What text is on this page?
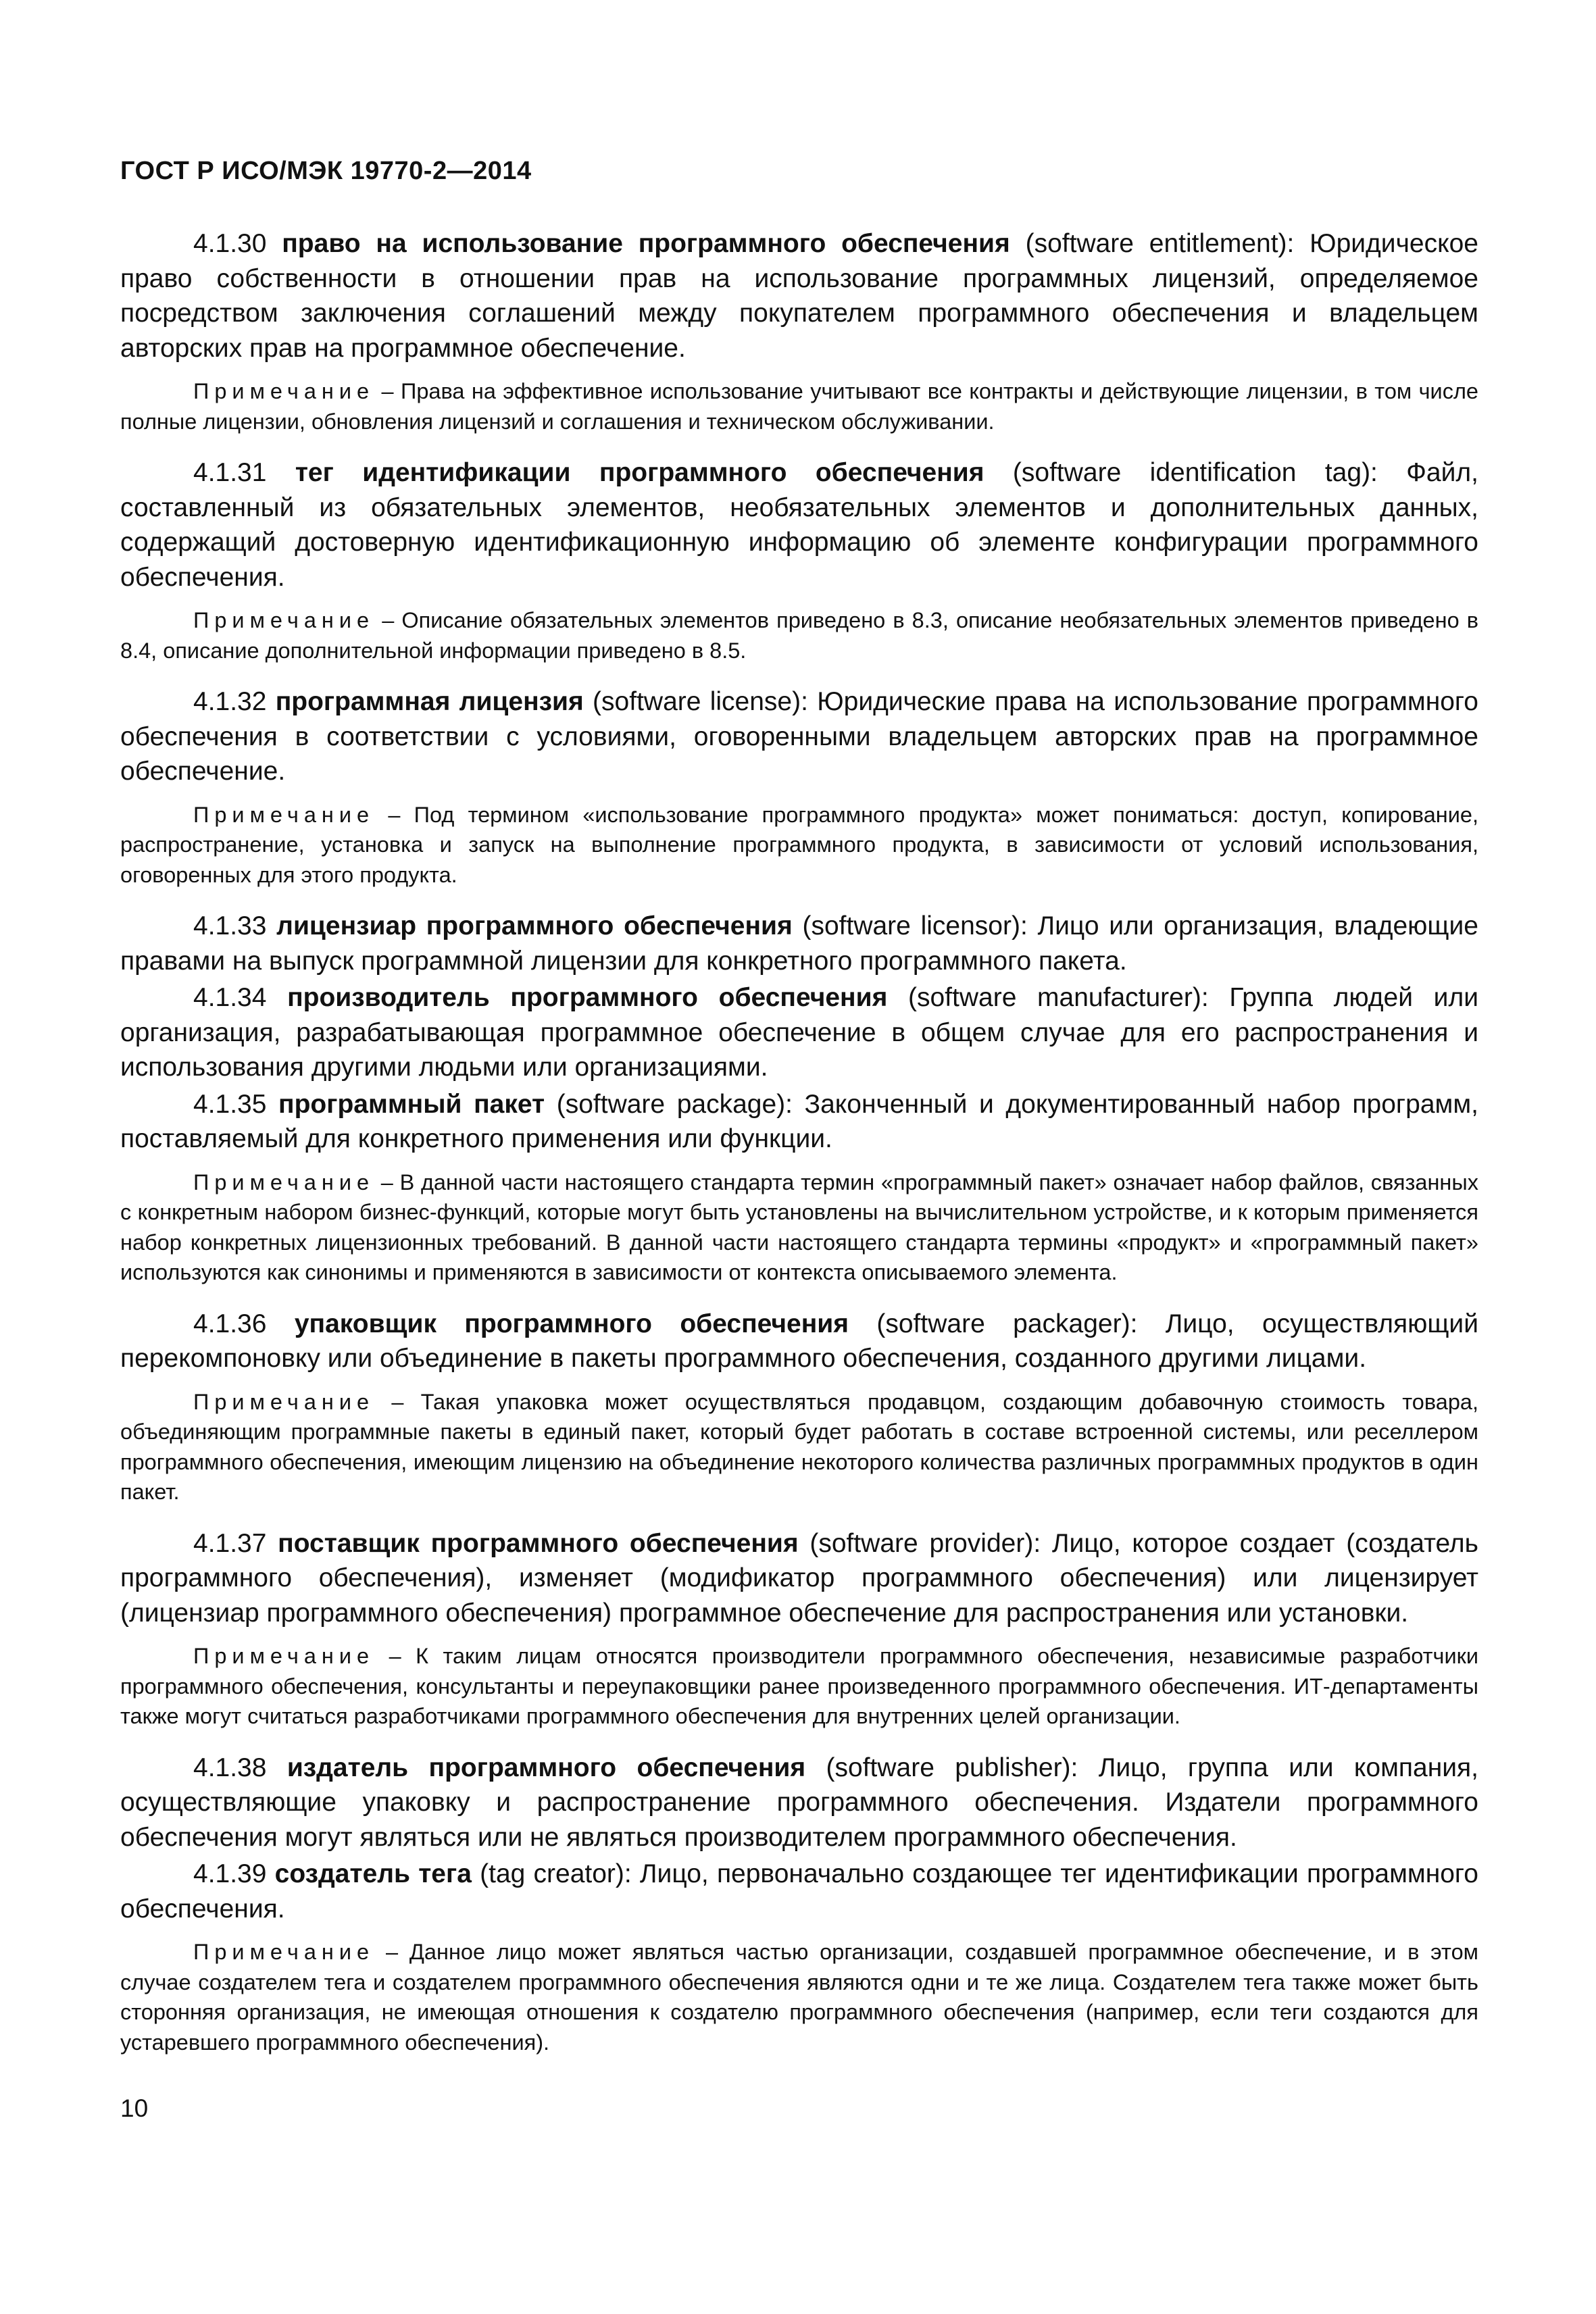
ГОСТ Р ИСО/МЭК 19770-2—2014

4.1.30 право на использование программного обеспечения (software entitlement): Юридическое право собственности в отношении прав на использование программных лицензий, определяемое посредством заключения соглашений между покупателем программного обеспечения и владельцем авторских прав на программное обеспечение.

Примечание – Права на эффективное использование учитывают все контракты и действующие лицензии, в том числе полные лицензии, обновления лицензий и соглашения и техническом обслуживании.

4.1.31 тег идентификации программного обеспечения (software identification tag): Файл, составленный из обязательных элементов, необязательных элементов и дополнительных данных, содержащий достоверную идентификационную информацию об элементе конфигурации программного обеспечения.

Примечание – Описание обязательных элементов приведено в 8.3, описание необязательных элементов приведено в 8.4, описание дополнительной информации приведено в 8.5.

4.1.32 программная лицензия (software license): Юридические права на использование программного обеспечения в соответствии с условиями, оговоренными владельцем авторских прав на программное обеспечение.

Примечание – Под термином «использование программного продукта» может пониматься: доступ, копирование, распространение, установка и запуск на выполнение программного продукта, в зависимости от условий использования, оговоренных для этого продукта.

4.1.33 лицензиар программного обеспечения (software licensor): Лицо или организация, владеющие правами на выпуск программной лицензии для конкретного программного пакета.

4.1.34 производитель программного обеспечения (software manufacturer): Группа людей или организация, разрабатывающая программное обеспечение в общем случае для его распространения и использования другими людьми или организациями.

4.1.35 программный пакет (software package): Законченный и документированный набор программ, поставляемый для конкретного применения или функции.

Примечание – В данной части настоящего стандарта термин «программный пакет» означает набор файлов, связанных с конкретным набором бизнес-функций, которые могут быть установлены на вычислительном устройстве, и к которым применяется набор конкретных лицензионных требований. В данной части настоящего стандарта термины «продукт» и «программный пакет» используются как синонимы и применяются в зависимости от контекста описываемого элемента.

4.1.36 упаковщик программного обеспечения (software packager): Лицо, осуществляющий перекомпоновку или объединение в пакеты программного обеспечения, созданного другими лицами.

Примечание – Такая упаковка может осуществляться продавцом, создающим добавочную стоимость товара, объединяющим программные пакеты в единый пакет, который будет работать в составе встроенной системы, или реселлером программного обеспечения, имеющим лицензию на объединение некоторого количества различных программных продуктов в один пакет.

4.1.37 поставщик программного обеспечения (software provider): Лицо, которое создает (создатель программного обеспечения), изменяет (модификатор программного обеспечения) или лицензирует (лицензиар программного обеспечения) программное обеспечение для распространения или установки.

Примечание – К таким лицам относятся производители программного обеспечения, независимые разработчики программного обеспечения, консультанты и переупаковщики ранее произведенного программного обеспечения. ИТ-департаменты также могут считаться разработчиками программного обеспечения для внутренних целей организации.

4.1.38 издатель программного обеспечения (software publisher): Лицо, группа или компания, осуществляющие упаковку и распространение программного обеспечения. Издатели программного обеспечения могут являться или не являться производителем программного обеспечения.

4.1.39 создатель тега (tag creator): Лицо, первоначально создающее тег идентификации программного обеспечения.

Примечание – Данное лицо может являться частью организации, создавшей программное обеспечение, и в этом случае создателем тега и создателем программного обеспечения являются одни и те же лица. Создателем тега также может быть сторонняя организация, не имеющая отношения к создателю программного обеспечения (например, если теги создаются для устаревшего программного обеспечения).

10
